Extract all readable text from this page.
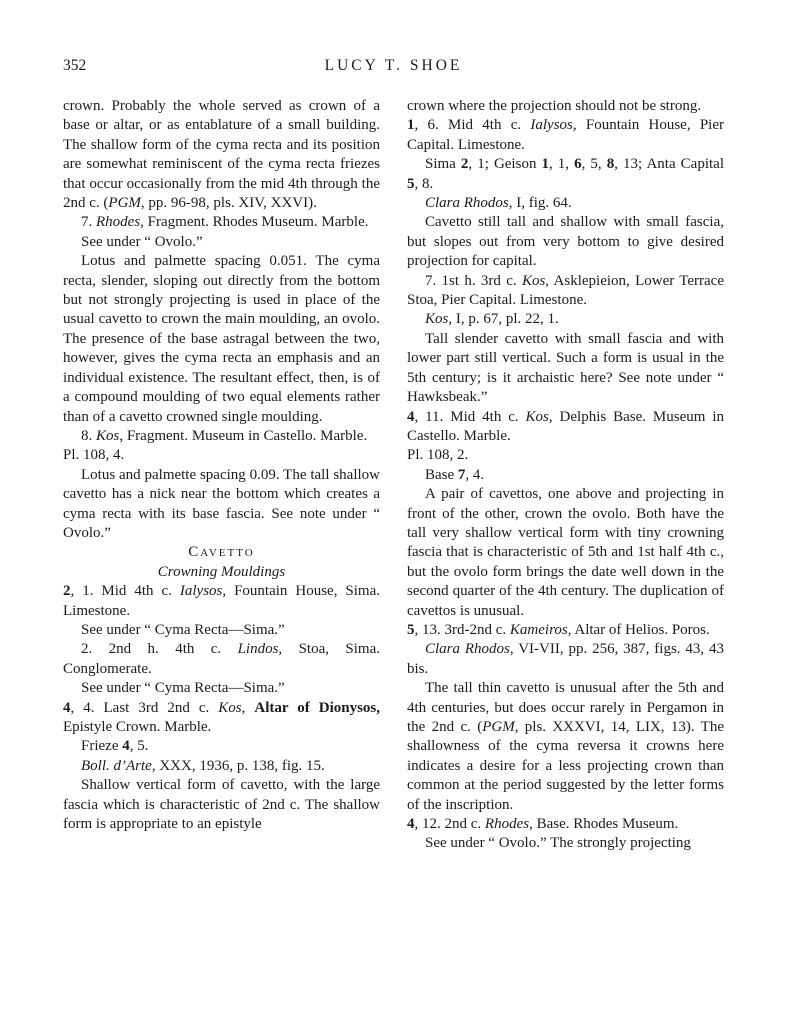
352	LUCY T. SHOE

crown. Probably the whole served as crown of a base or altar, or as entablature of a small building. The shallow form of the cyma recta and its position are somewhat reminiscent of the cyma recta friezes that occur occasionally from the mid 4th through the 2nd c. (PGM, pp. 96-98, pls. XIV, XXVI).

7. Rhodes, Fragment. Rhodes Museum. Marble.

See under “ Ovolo.”

Lotus and palmette spacing 0.051. The cyma recta, slender, sloping out directly from the bottom but not strongly projecting is used in place of the usual cavetto to crown the main moulding, an ovolo. The presence of the base astragal between the two, however, gives the cyma recta an emphasis and an individual existence. The resultant effect, then, is of a compound moulding of two equal elements rather than of a cavetto crowned single moulding.

8. Kos, Fragment. Museum in Castello. Marble.

Pl. 108, 4.

Lotus and palmette spacing 0.09. The tall shallow cavetto has a nick near the bottom which creates a cyma recta with its base fascia. See note under “ Ovolo.”

Cavetto

Crowning Mouldings

2, 1. Mid 4th c. Ialysos, Fountain House, Sima. Limestone.

See under “ Cyma Recta—Sima.”

2. 2nd h. 4th c. Lindos, Stoa, Sima. Conglomerate.

See under “ Cyma Recta—Sima.”

4, 4. Last 3rd 2nd c. Kos, Altar of Dionysos, Epistyle Crown. Marble.

Frieze 4, 5.

Boll. d’Arte, XXX, 1936, p. 138, fig. 15.

Shallow vertical form of cavetto, with the large fascia which is characteristic of 2nd c. The shallow form is appropriate to an epistyle

crown where the projection should not be strong.

1, 6. Mid 4th c. Ialysos, Fountain House, Pier Capital. Limestone.

Sima 2, 1; Geison 1, 1, 6, 5, 8, 13; Anta Capital 5, 8.

Clara Rhodos, I, fig. 64.

Cavetto still tall and shallow with small fascia, but slopes out from very bottom to give desired projection for capital.

7. 1st h. 3rd c. Kos, Asklepieion, Lower Terrace Stoa, Pier Capital. Limestone.

Kos, I, p. 67, pl. 22, 1.

Tall slender cavetto with small fascia and with lower part still vertical. Such a form is usual in the 5th century; is it archaistic here? See note under “ Hawksbeak.”

4, 11. Mid 4th c. Kos, Delphis Base. Museum in Castello. Marble.

Pl. 108, 2.

Base 7, 4.

A pair of cavettos, one above and projecting in front of the other, crown the ovolo. Both have the tall very shallow vertical form with tiny crowning fascia that is characteristic of 5th and 1st half 4th c., but the ovolo form brings the date well down in the second quarter of the 4th century. The duplication of cavettos is unusual.

5, 13. 3rd-2nd c. Kameiros, Altar of Helios. Poros.

Clara Rhodos, VI-VII, pp. 256, 387, figs. 43, 43 bis.

The tall thin cavetto is unusual after the 5th and 4th centuries, but does occur rarely in Pergamon in the 2nd c. (PGM, pls. XXXVI, 14, LIX, 13). The shallowness of the cyma reversa it crowns here indicates a desire for a less projecting crown than common at the period suggested by the letter forms of the inscription.

4, 12. 2nd c. Rhodes, Base. Rhodes Museum.

See under “ Ovolo.” The strongly projecting
